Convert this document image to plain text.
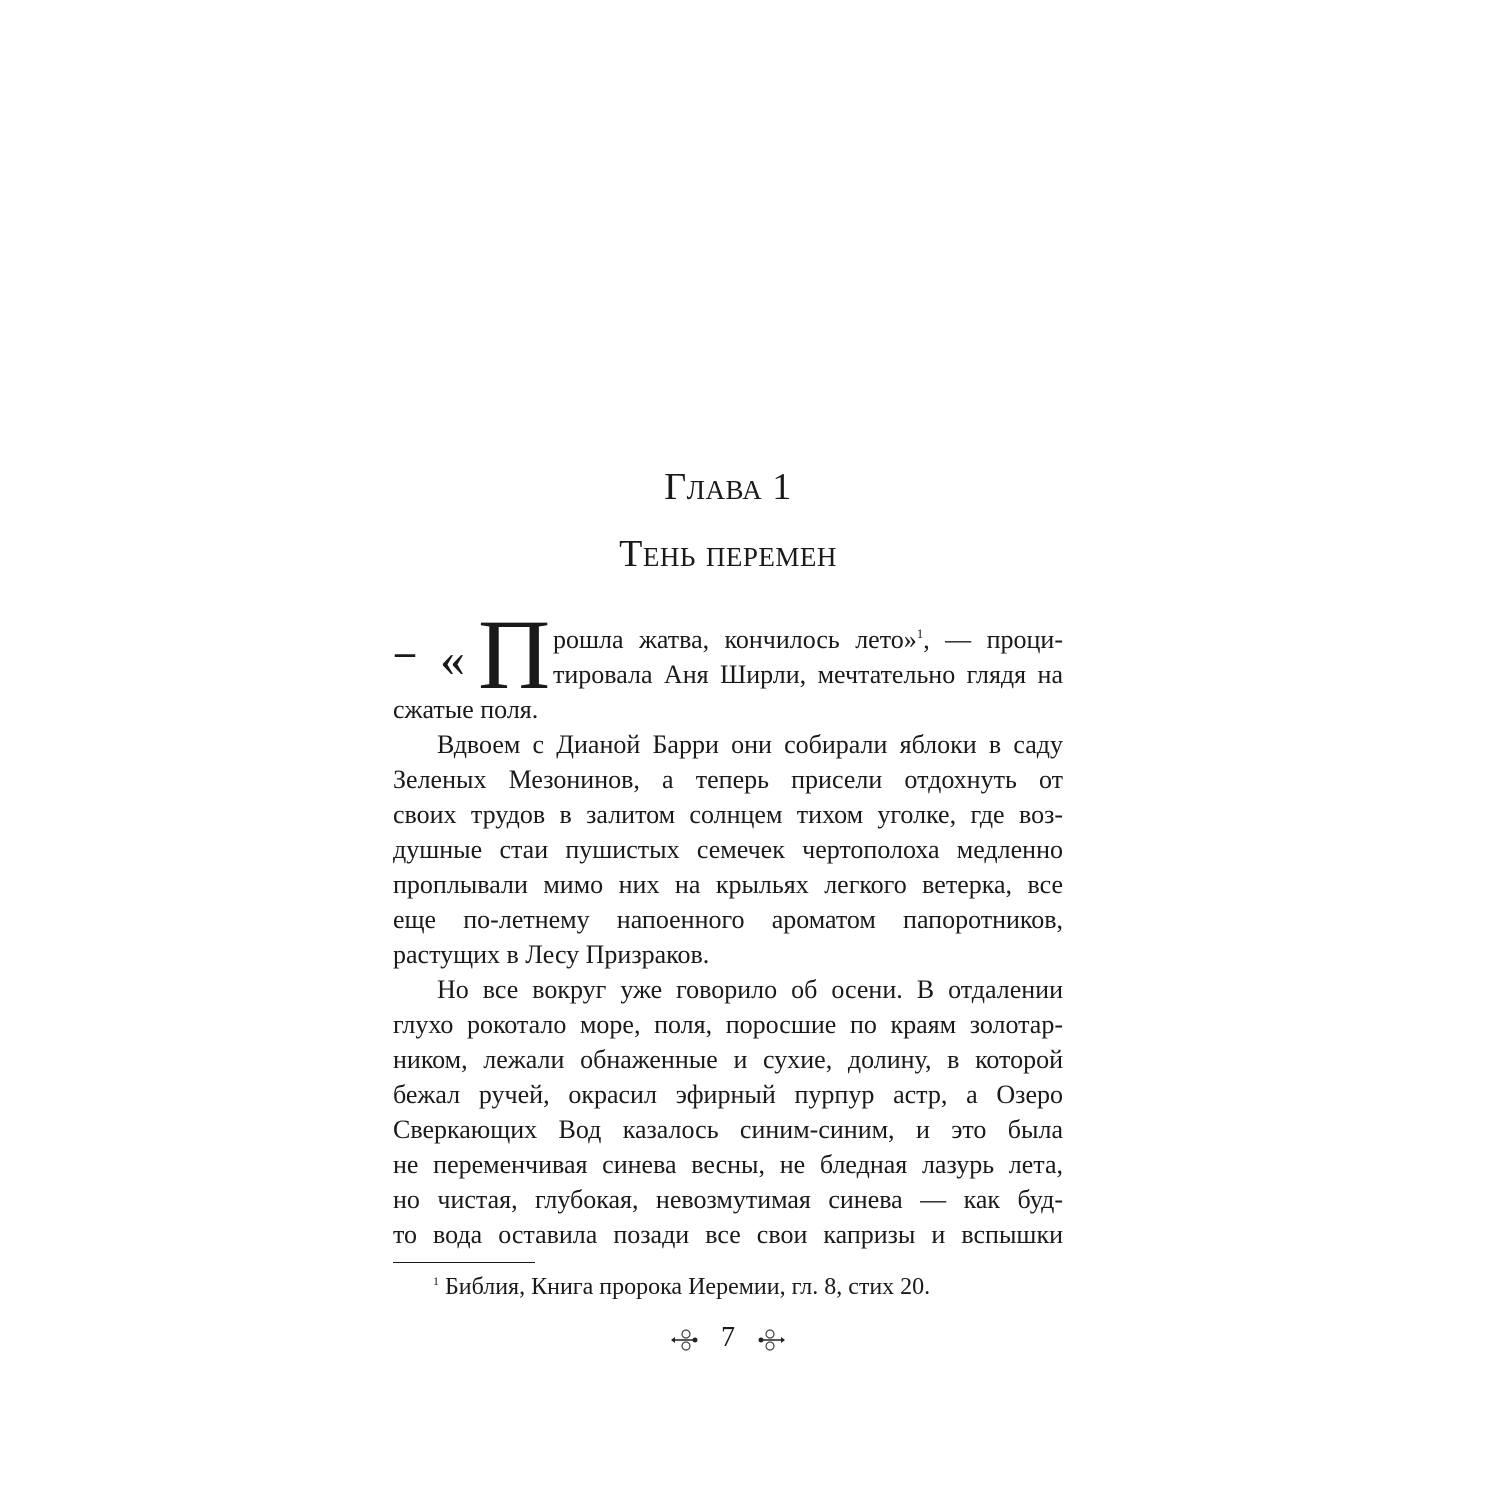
Глава 1
Тень перемен
– « П рошла жатва, кончилось лето»$^1$, — проци-
тировала Аня Ширли, мечтательно глядя на
сжатые поля.
Вдвоем с Дианой Барри они собирали яблоки в саду
Зеленых Мезонинов, а теперь присели отдохнуть от
своих трудов в залитом солнцем тихом уголке, где воз-
душные стаи пушистых семечек чертополоха медленно
проплывали мимо них на крыльях легкого ветерка, все
еще по-летнему напоенного ароматом папоротников,
растущих в Лесу Призраков.
Но все вокруг уже говорило об осени. В отдалении
глухо рокотало море, поля, поросшие по краям золотар-
ником, лежали обнаженные и сухие, долину, в которой
бежал ручей, окрасил эфирный пурпур астр, а Озеро
Сверкающих Вод казалось синим-синим, и это была
не переменчивая синева весны, не бледная лазурь лета,
но чистая, глубокая, невозмутимая синева — как буд-
то вода оставила позади все свои капризы и вспышки
$^1$ Библия, Книга пророка Иеремии, гл. 8, стих 20.
7
